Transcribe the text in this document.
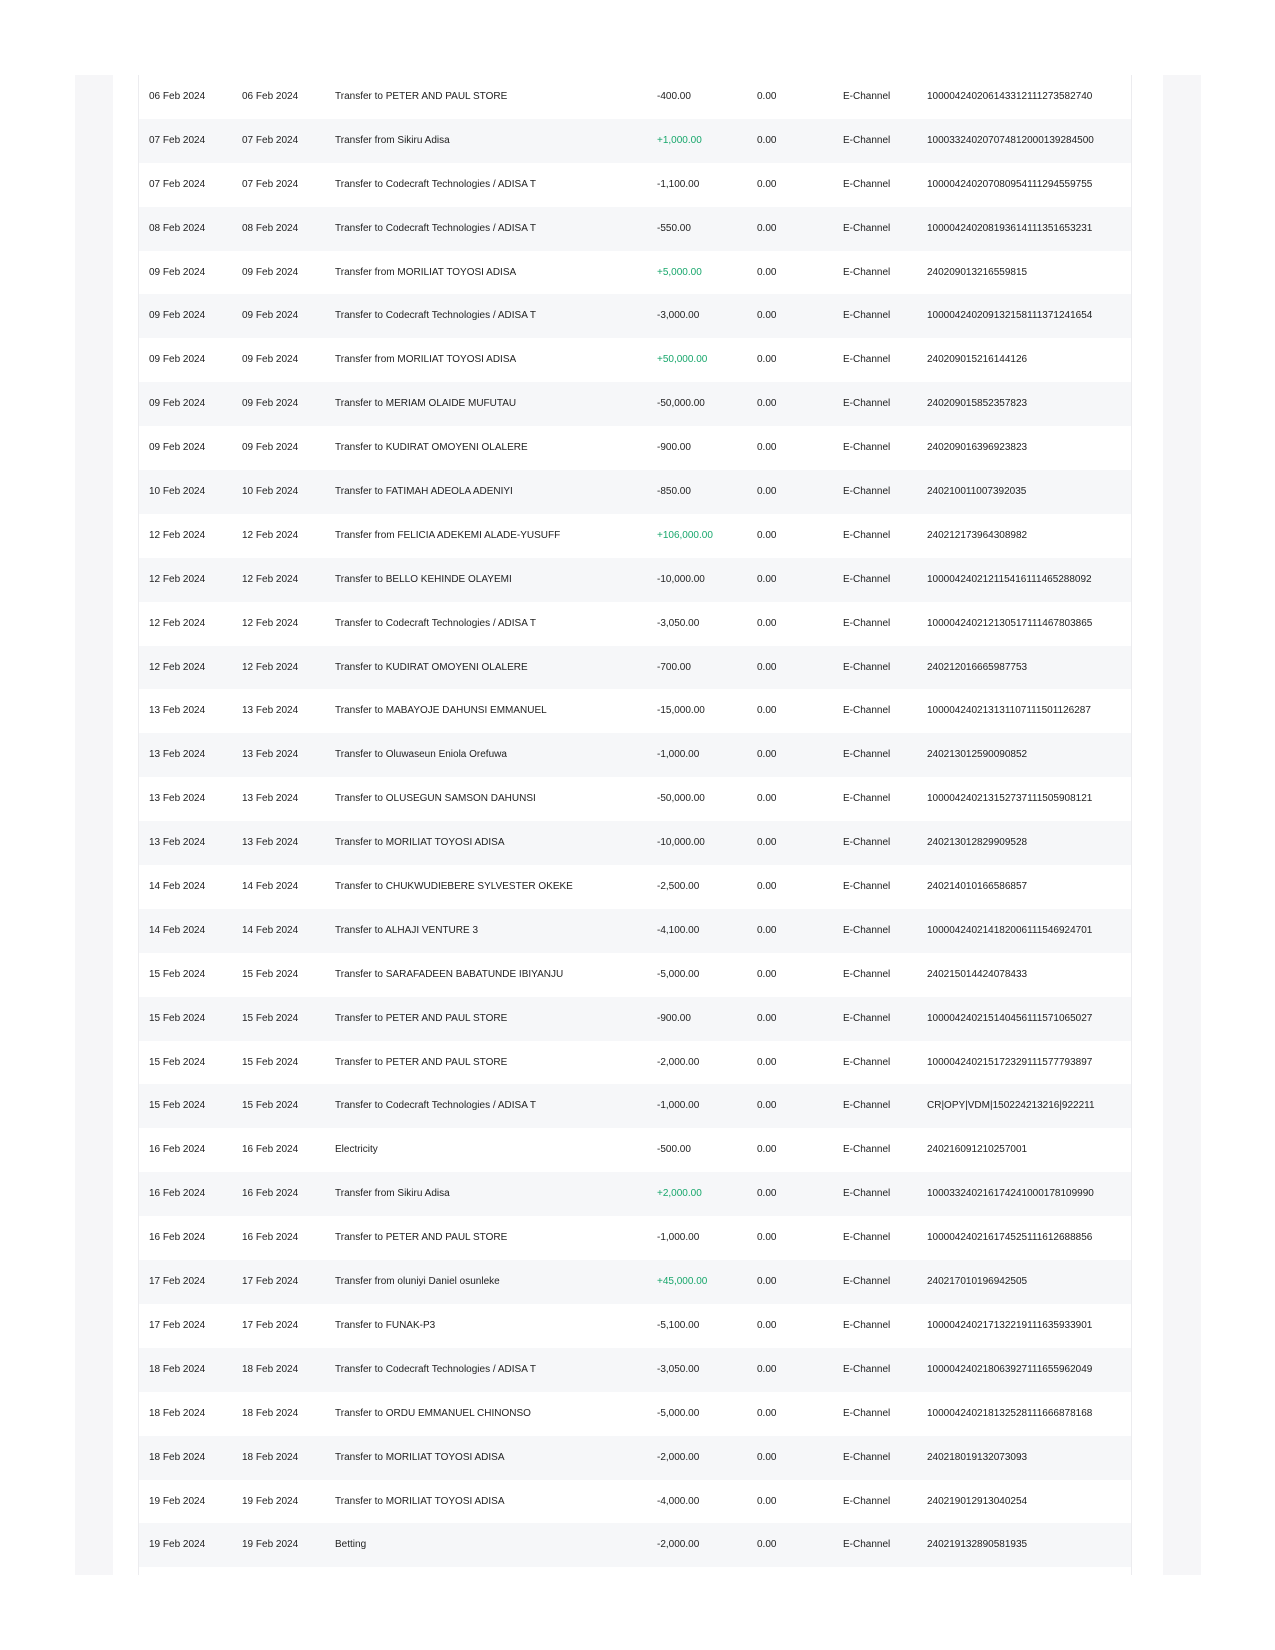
06 Feb 2024	06 Feb 2024	Transfer to PETER AND PAUL STORE	-400.00	0.00	E-Channel	100004240206143312111273582740
07 Feb 2024	07 Feb 2024	Transfer from Sikiru Adisa	+1,000.00	0.00	E-Channel	100033240207074812000139284500
07 Feb 2024	07 Feb 2024	Transfer to Codecraft Technologies / ADISA T	-1,100.00	0.00	E-Channel	100004240207080954111294559755
08 Feb 2024	08 Feb 2024	Transfer to Codecraft Technologies / ADISA T	-550.00	0.00	E-Channel	100004240208193614111351653231
09 Feb 2024	09 Feb 2024	Transfer from MORILIAT TOYOSI ADISA	+5,000.00	0.00	E-Channel	240209013216559815
09 Feb 2024	09 Feb 2024	Transfer to Codecraft Technologies / ADISA T	-3,000.00	0.00	E-Channel	100004240209132158111371241654
09 Feb 2024	09 Feb 2024	Transfer from MORILIAT TOYOSI ADISA	+50,000.00	0.00	E-Channel	240209015216144126
09 Feb 2024	09 Feb 2024	Transfer to MERIAM OLAIDE MUFUTAU	-50,000.00	0.00	E-Channel	240209015852357823
09 Feb 2024	09 Feb 2024	Transfer to KUDIRAT OMOYENI OLALERE	-900.00	0.00	E-Channel	240209016396923823
10 Feb 2024	10 Feb 2024	Transfer to FATIMAH ADEOLA ADENIYI	-850.00	0.00	E-Channel	240210011007392035
12 Feb 2024	12 Feb 2024	Transfer from FELICIA ADEKEMI ALADE-YUSUFF	+106,000.00	0.00	E-Channel	240212173964308982
12 Feb 2024	12 Feb 2024	Transfer to BELLO KEHINDE OLAYEMI	-10,000.00	0.00	E-Channel	100004240212115416111465288092
12 Feb 2024	12 Feb 2024	Transfer to Codecraft Technologies / ADISA T	-3,050.00	0.00	E-Channel	100004240212130517111467803865
12 Feb 2024	12 Feb 2024	Transfer to KUDIRAT OMOYENI OLALERE	-700.00	0.00	E-Channel	240212016665987753
13 Feb 2024	13 Feb 2024	Transfer to MABAYOJE DAHUNSI EMMANUEL	-15,000.00	0.00	E-Channel	100004240213131107111501126287
13 Feb 2024	13 Feb 2024	Transfer to Oluwaseun Eniola Orefuwa	-1,000.00	0.00	E-Channel	240213012590090852
13 Feb 2024	13 Feb 2024	Transfer to OLUSEGUN SAMSON DAHUNSI	-50,000.00	0.00	E-Channel	100004240213152737111505908121
13 Feb 2024	13 Feb 2024	Transfer to MORILIAT TOYOSI ADISA	-10,000.00	0.00	E-Channel	240213012829909528
14 Feb 2024	14 Feb 2024	Transfer to CHUKWUDIEBERE SYLVESTER OKEKE	-2,500.00	0.00	E-Channel	240214010166586857
14 Feb 2024	14 Feb 2024	Transfer to ALHAJI VENTURE 3	-4,100.00	0.00	E-Channel	100004240214182006111546924701
15 Feb 2024	15 Feb 2024	Transfer to SARAFADEEN BABATUNDE IBIYANJU	-5,000.00	0.00	E-Channel	240215014424078433
15 Feb 2024	15 Feb 2024	Transfer to PETER AND PAUL STORE	-900.00	0.00	E-Channel	100004240215140456111571065027
15 Feb 2024	15 Feb 2024	Transfer to PETER AND PAUL STORE	-2,000.00	0.00	E-Channel	100004240215172329111577793897
15 Feb 2024	15 Feb 2024	Transfer to Codecraft Technologies / ADISA T	-1,000.00	0.00	E-Channel	CR|OPY|VDM|150224213216|922211
16 Feb 2024	16 Feb 2024	Electricity	-500.00	0.00	E-Channel	240216091210257001
16 Feb 2024	16 Feb 2024	Transfer from Sikiru Adisa	+2,000.00	0.00	E-Channel	100033240216174241000178109990
16 Feb 2024	16 Feb 2024	Transfer to PETER AND PAUL STORE	-1,000.00	0.00	E-Channel	100004240216174525111612688856
17 Feb 2024	17 Feb 2024	Transfer from oluniyi Daniel osunleke	+45,000.00	0.00	E-Channel	240217010196942505
17 Feb 2024	17 Feb 2024	Transfer to FUNAK-P3	-5,100.00	0.00	E-Channel	100004240217132219111635933901
18 Feb 2024	18 Feb 2024	Transfer to Codecraft Technologies / ADISA T	-3,050.00	0.00	E-Channel	100004240218063927111655962049
18 Feb 2024	18 Feb 2024	Transfer to ORDU EMMANUEL CHINONSO	-5,000.00	0.00	E-Channel	100004240218132528111666878168
18 Feb 2024	18 Feb 2024	Transfer to MORILIAT TOYOSI ADISA	-2,000.00	0.00	E-Channel	240218019132073093
19 Feb 2024	19 Feb 2024	Transfer to MORILIAT TOYOSI ADISA	-4,000.00	0.00	E-Channel	240219012913040254
19 Feb 2024	19 Feb 2024	Betting	-2,000.00	0.00	E-Channel	240219132890581935
